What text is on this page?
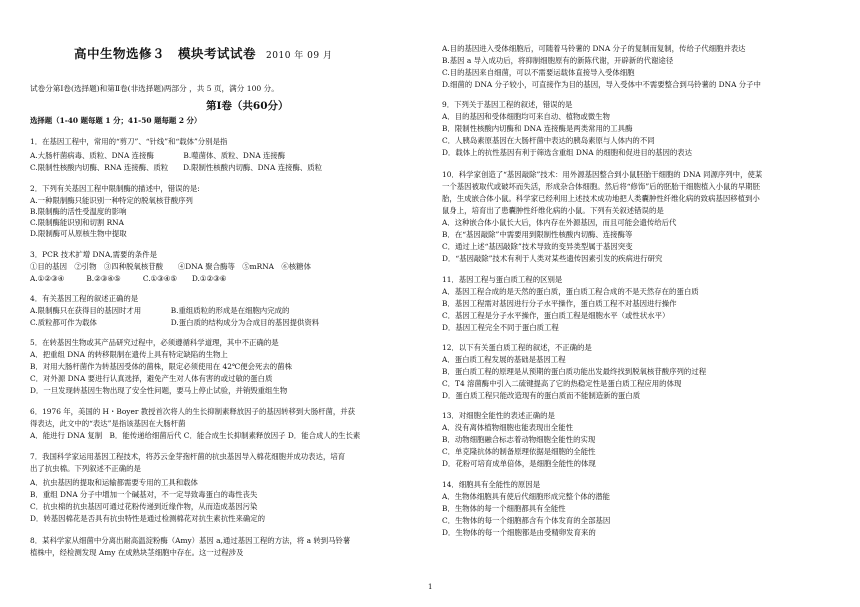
高中生物选修３　模块考试试卷 2010 年 09 月
试卷分第Ⅰ卷(选择题)和第Ⅱ卷(非选择题)两部分 ，共 5 页，满分 100 分。
第Ⅰ卷（共60分）
选择题（1-40 题每题 1 分；41-50 题每题 2 分）
1．在基因工程中，常用的“剪刀”、“针线”和“载体”分别是指
A.大肠杆菌病毒、质粒、DNA 连接酶　　　　B.噬菌体、质粒、DNA 连接酶
C.限制性核酸内切酶、RNA 连接酶、质粒　　D.限制性核酸内切酶、DNA 连接酶、质粒
2．下列有关基因工程中限制酶的描述中，错误的是:
A.一种限制酶只能识别一种特定的脱氧核苷酸序列
B.限制酶的活性受温度的影响
C.限制酶能识别和切割 RNA
D.限制酶可从原核生物中提取
3．PCR 技术扩增 DNA,需要的条件是
①目的基因　②引物　③四种脱氧核苷酸　　④DNA 聚合酶等　⑤mRNA　⑥核糖体
A.①②③④　　　B.②③④⑤　　　C.①③④⑤　　D.①②③⑥
4．有关基因工程的叙述正确的是
A.限制酶只在获得目的基因时才用　　　　B.重组质粒的形成是在细胞内完成的
C.质粒都可作为载体　　　　　　　　　　D.蛋白质的结构成分为合成目的基因提供资料
5．在转基因生物或其产品研究过程中，必须遵循科学道理，其中不正确的是
A．把重组 DNA 的转移限制在遗传上具有特定缺陷的生物上
B．对用大肠杆菌作为转基因受体的菌株，限定必须使用在 42℃便会死去的菌株
C．对外源 DNA 要进行认真选择，避免产生对人体有害的或过敏的蛋白质
D．一旦发现转基因生物出现了安全性问题，要马上停止试验，并销毁重组生物
6．1976 年，美国的 H・Boyer 教授首次将人的生长抑制素释放因子的基因转移到大肠杆菌，并获
得表达，此文中的“表达”是指该基因在大肠杆菌
A．能进行 DNA 复制　B．能传递给细菌后代 C．能合成生长抑制素释放因子 D．能合成人的生长素
7．我国科学家运用基因工程技术，将苏云金芽孢杆菌的抗虫基因导入棉花细胞并成功表达，培育
出了抗虫棉。下列叙述不正确的是
A．抗虫基因的提取和运输都需要专用的工具和载体
B．重组 DNA 分子中增加一个碱基对，不一定导致毒蛋白的毒性丧失
C．抗虫棉的抗虫基因可通过花粉传递到近缘作物，从而造成基因污染
D．转基因棉花是否具有抗虫特性是通过检测棉花对抗生素抗性来确定的
8．某科学家从细菌中分离出耐高温淀粉酶（Amy）基因 a,通过基因工程的方法，将 a 转到马铃薯
植株中，经检测发现 Amy 在成熟块茎细胞中存在。这一过程涉及
A.目的基因进入受体细胞后，可随着马铃薯的 DNA 分子的复制而复制，传给子代细胞并表达
B.基因 a 导入成功后，将抑制细胞原有的新陈代谢，开辟新的代谢途径
C.目的基因来自细菌，可以不需要运载体直接导入受体细胞
D.细菌的 DNA 分子较小，可直接作为目的基因，导入受体中不需要整合到马铃薯的 DNA 分子中
9．下列关于基因工程的叙述，错误的是
A．目的基因和受体细胞均可来自动、植物或微生物
B．限制性核酸内切酶和 DNA 连接酶是两类常用的工具酶
C．人胰岛素原基因在大肠杆菌中表达的胰岛素原与人体内的不同
D．载体上的抗性基因有利于筛选含重组 DNA 的细胞和促进目的基因的表达
10．科学家创造了“基因敲除”技术：用外源基因整合到小鼠胚胎干细胞的 DNA 同源序列中，使某
一个基因被取代或破坏而失活，形成杂合体细胞。然后将“修饰”后的胚胎干细胞植入小鼠的早期胚
胎，生成嵌合体小鼠。科学家已经利用上述技术成功地把人类囊肿性纤维化病的致病基因移植到小
鼠身上，培育出了患囊肿性纤维化病的小鼠。下列有关叙述错误的是
A．这种嵌合体小鼠长大后，体内存在外源基因，而且可能会遗传给后代
B．在“基因敲除”中需要用到限制性核酸内切酶、连接酶等
C．通过上述“基因敲除”技术导致的变异类型属于基因突变
D．“基因敲除”技术有利于人类对某些遗传因素引发的疾病进行研究
11．基因工程与蛋白质工程的区别是
A．基因工程合成的是天然的蛋白质，蛋白质工程合成的不是天然存在的蛋白质
B．基因工程需对基因进行分子水平操作，蛋白质工程不对基因进行操作
C．基因工程是分子水平操作，蛋白质工程是细胞水平（或性状水平）
D．基因工程完全不同于蛋白质工程
12．以下有关蛋白质工程的叙述，不正确的是
A．蛋白质工程发展的基础是基因工程
B．蛋白质工程的原理是从预期的蛋白质功能出发最终找到脱氧核苷酸序列的过程
C．T4 溶菌酶中引入二硫键提高了它的热稳定性是蛋白质工程应用的体现
D．蛋白质工程只能改造现有的蛋白质而不能制造新的蛋白质
13．对细胞全能性的表述正确的是
A．没有离体植物细胞也能表现出全能性
B．动物细胞融合标志着动物细胞全能性的实现
C．单克隆抗体的制备原理依据是细胞的全能性
D．花粉可培育成单倍体，是细胞全能性的体现
14．细胞具有全能性的原因是
A．生物体细胞具有使后代细胞形成完整个体的潜能
B．生物体的每一个细胞都具有全能性
C．生物体的每一个细胞都含有个体发育的全部基因
D．生物体的每一个细胞都是由受精卵发育来的
1
